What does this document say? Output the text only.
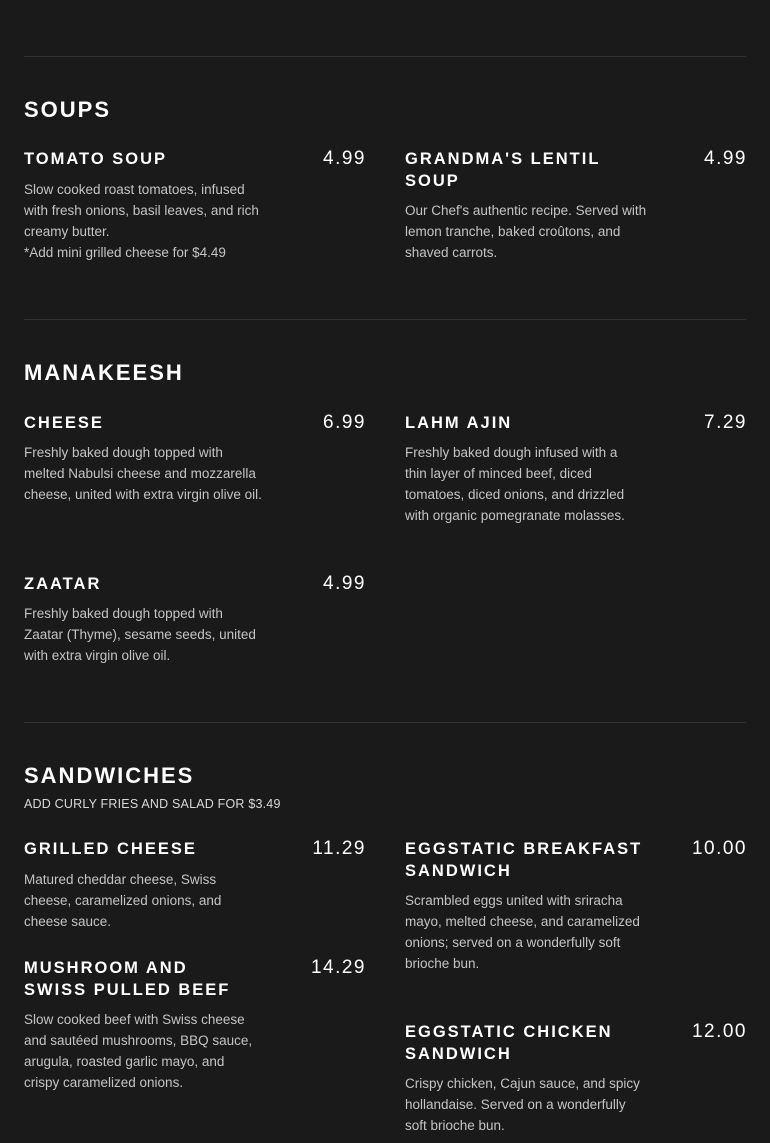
SOUPS
TOMATO SOUP	4.99
Slow cooked roast tomatoes, infused with fresh onions, basil leaves, and rich creamy butter.
*Add mini grilled cheese for $4.49
GRANDMA'S LENTIL SOUP
4.99
Our Chef's authentic recipe. Served with lemon tranche, baked croûtons, and shaved carrots.
MANAKEESH
CHEESE	6.99
Freshly baked dough topped with melted Nabulsi cheese and mozzarella cheese, united with extra virgin olive oil.
LAHM AJIN	7.29
Freshly baked dough infused with a thin layer of minced beef, diced tomatoes, diced onions, and drizzled with organic pomegranate molasses.
ZAATAR	4.99
Freshly baked dough topped with Zaatar (Thyme), sesame seeds, united with extra virgin olive oil.
SANDWICHES
ADD CURLY FRIES AND SALAD FOR $3.49
GRILLED CHEESE	11.29
Matured cheddar cheese, Swiss cheese, caramelized onions, and cheese sauce.
EGGSTATIC BREAKFAST SANDWICH
10.00
Scrambled eggs united with sriracha mayo, melted cheese, and caramelized onions; served on a wonderfully soft brioche bun.
MUSHROOM AND SWISS PULLED BEEF
14.29
Slow cooked beef with Swiss cheese and sautéed mushrooms, BBQ sauce, arugula, roasted garlic mayo, and crispy caramelized onions.
EGGSTATIC CHICKEN SANDWICH
12.00
Crispy chicken, Cajun sauce, and spicy hollandaise. Served on a wonderfully soft brioche bun.
